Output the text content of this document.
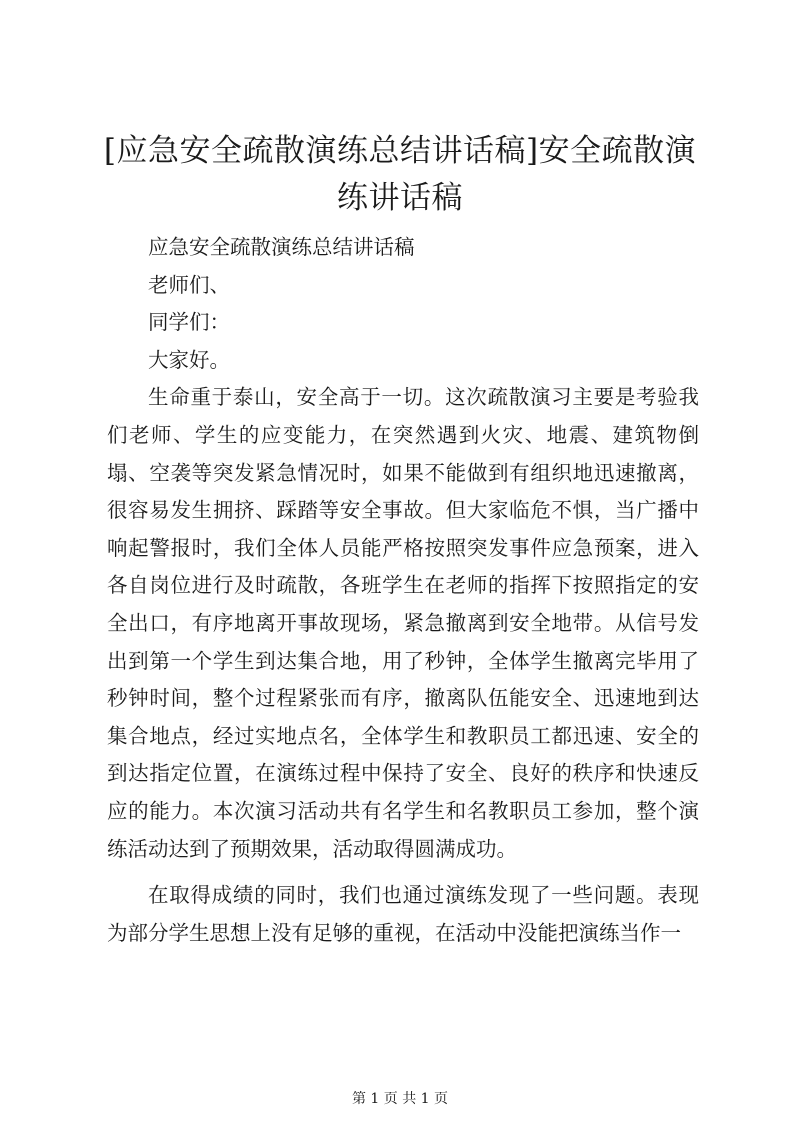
[应急安全疏散演练总结讲话稿]安全疏散演练讲话稿

应急安全疏散演练总结讲话稿

老师们、

同学们：

大家好。

生命重于泰山，安全高于一切。这次疏散演习主要是考验我们老师、学生的应变能力，在突然遇到火灾、地震、建筑物倒塌、空袭等突发紧急情况时，如果不能做到有组织地迅速撤离，很容易发生拥挤、踩踏等安全事故。但大家临危不惧，当广播中响起警报时，我们全体人员能严格按照突发事件应急预案，进入各自岗位进行及时疏散，各班学生在老师的指挥下按照指定的安全出口，有序地离开事故现场，紧急撤离到安全地带。从信号发出到第一个学生到达集合地，用了秒钟，全体学生撤离完毕用了秒钟时间，整个过程紧张而有序，撤离队伍能安全、迅速地到达集合地点，经过实地点名，全体学生和教职员工都迅速、安全的到达指定位置，在演练过程中保持了安全、良好的秩序和快速反应的能力。本次演习活动共有名学生和名教职员工参加，整个演练活动达到了预期效果，活动取得圆满成功。

在取得成绩的同时，我们也通过演练发现了一些问题。表现为部分学生思想上没有足够的重视，在活动中没能把演练当作一

第 1 页 共 1 页
